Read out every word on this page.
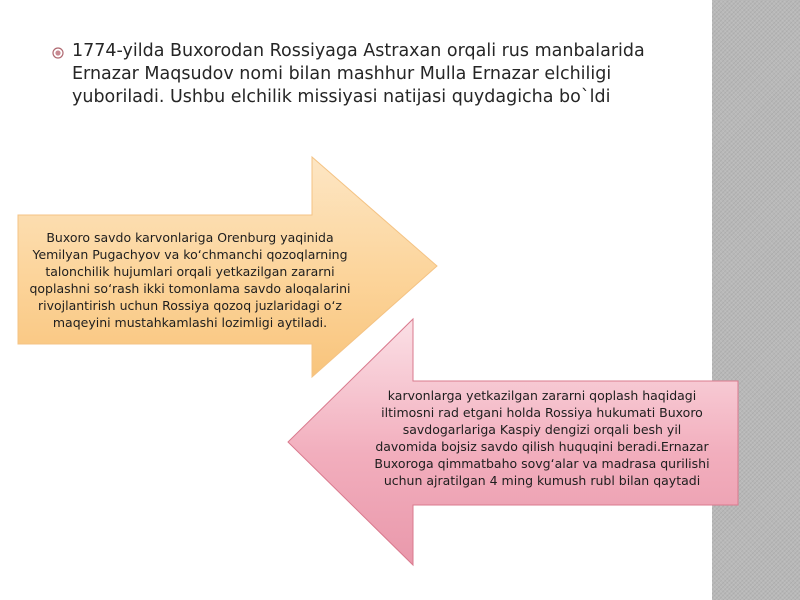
1774-yilda Buxorodan Rossiyaga Astraxan orqali rus manbalarida
Ernazar Maqsudov nomi bilan mashhur Mulla Ernazar elchiligi
yuboriladi. Ushbu elchilik missiyasi natijasi quydagicha bo`ldi

Buxoro savdo karvonlariga Orenburg yaqinida
Yemilyan Pugachyov va ko‘chmanchi qozoqlarning
talonchilik hujumlari orqali yetkazilgan zararni
qoplashni so‘rash ikki tomonlama savdo aloqalarini
rivojlantirish uchun Rossiya qozoq juzlaridagi o‘z
maqeyini mustahkamlashi lozimligi aytiladi.

karvonlarga yetkazilgan zararni qoplash haqidagi
iltimosni rad etgani holda Rossiya hukumati Buxoro
savdogarlariga Kaspiy dengizi orqali besh yil
davomida bojsiz savdo qilish huquqini beradi.Ernazar
Buxoroga qimmatbaho sovg‘alar va madrasa qurilishi
uchun ajratilgan 4 ming kumush rubl bilan qaytadi
